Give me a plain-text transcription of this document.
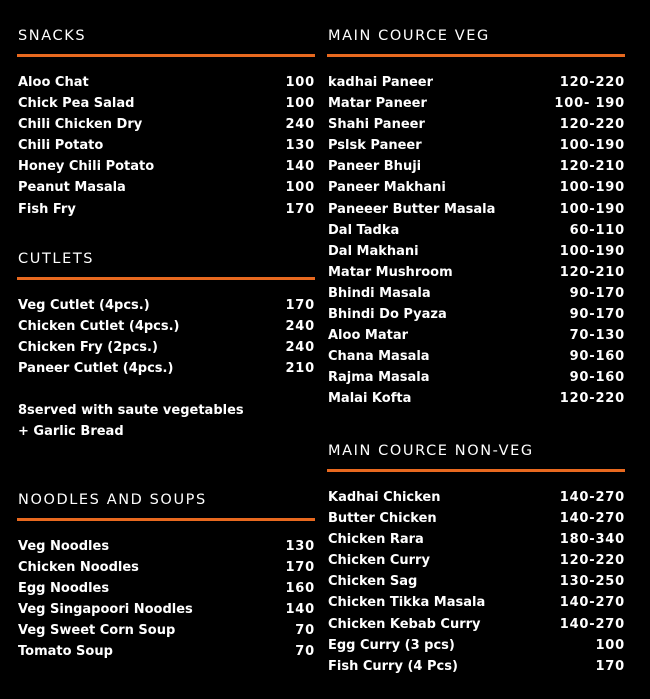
SNACKS
Aloo Chat	100
Chick Pea Salad	100
Chili Chicken Dry	240
Chili Potato	130
Honey Chili Potato	140
Peanut Masala	100
Fish Fry	170
CUTLETS
Veg Cutlet (4pcs.)	170
Chicken Cutlet (4pcs.)	240
Chicken Fry (2pcs.)	240
Paneer Cutlet (4pcs.)	210
8served with saute vegetables
+ Garlic Bread
NOODLES AND SOUPS
Veg Noodles	130
Chicken Noodles	170
Egg Noodles	160
Veg Singapoori Noodles	140
Veg Sweet Corn Soup	70
Tomato Soup	70
MAIN COURCE VEG
kadhai Paneer	120-220
Matar Paneer	100- 190
Shahi Paneer	120-220
Pslsk Paneer	100-190
Paneer Bhuji	120-210
Paneer Makhani	100-190
Paneeer Butter Masala	100-190
Dal Tadka	60-110
Dal Makhani	100-190
Matar Mushroom	120-210
Bhindi Masala	90-170
Bhindi Do Pyaza	90-170
Aloo Matar	70-130
Chana Masala	90-160
Rajma Masala	90-160
Malai Kofta	120-220
MAIN COURCE NON-VEG
Kadhai Chicken	140-270
Butter Chicken	140-270
Chicken Rara	180-340
Chicken Curry	120-220
Chicken Sag	130-250
Chicken Tikka Masala	140-270
Chicken Kebab Curry	140-270
Egg Curry (3 pcs)	100
Fish Curry (4 Pcs)	170
